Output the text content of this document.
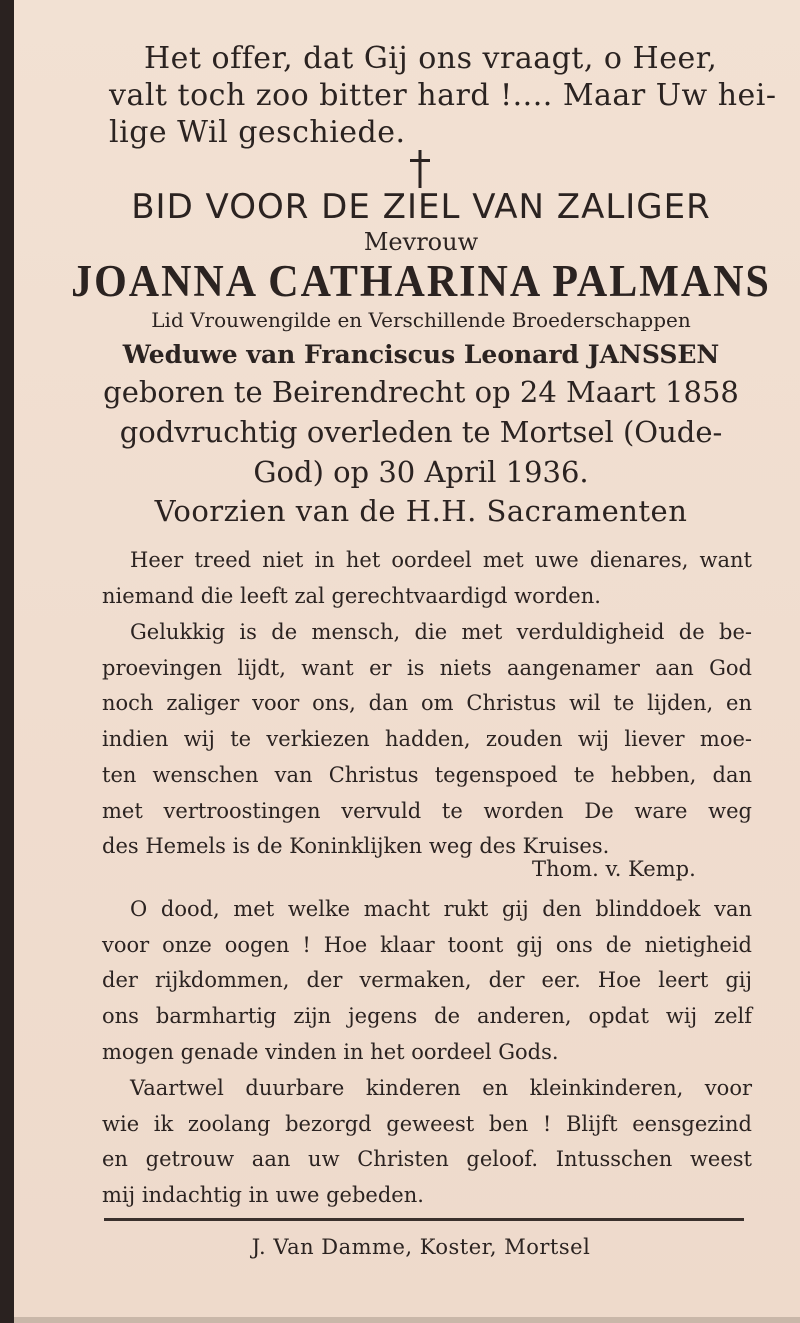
Het offer, dat Gij ons vraagt, o Heer,
valt toch zoo bitter hard !.... Maar Uw hei-
lige Wil geschiede.

BID VOOR DE ZIEL VAN ZALIGER
Mevrouw
JOANNA CATHARINA PALMANS
Lid Vrouwengilde en Verschillende Broederschappen
Weduwe van Franciscus Leonard JANSSEN
geboren te Beirendrecht op 24 Maart 1858
godvruchtig overleden te Mortsel (Oude-
God) op 30 April 1936.
Voorzien van de H.H. Sacramenten
Heer treed niet in het oordeel met uwe dienares, want
niemand die leeft zal gerechtvaardigd worden.
Gelukkig is de mensch, die met verduldigheid de be-
proevingen lijdt, want er is niets aangenamer aan God
noch zaliger voor ons, dan om Christus wil te lijden, en
indien wij te verkiezen hadden, zouden wij liever moe-
ten wenschen van Christus tegenspoed te hebben, dan
met vertroostingen vervuld te worden De ware weg
des Hemels is de Koninklijken weg des Kruises.
Thom. v. Kemp.
O dood, met welke macht rukt gij den blinddoek van
voor onze oogen ! Hoe klaar toont gij ons de nietigheid
der rijkdommen, der vermaken, der eer. Hoe leert gij
ons barmhartig zijn jegens de anderen, opdat wij zelf
mogen genade vinden in het oordeel Gods.
Vaartwel duurbare kinderen en kleinkinderen, voor
wie ik zoolang bezorgd geweest ben ! Blijft eensgezind
en getrouw aan uw Christen geloof. Intusschen weest
mij indachtig in uwe gebeden.
J. Van Damme, Koster, Mortsel
